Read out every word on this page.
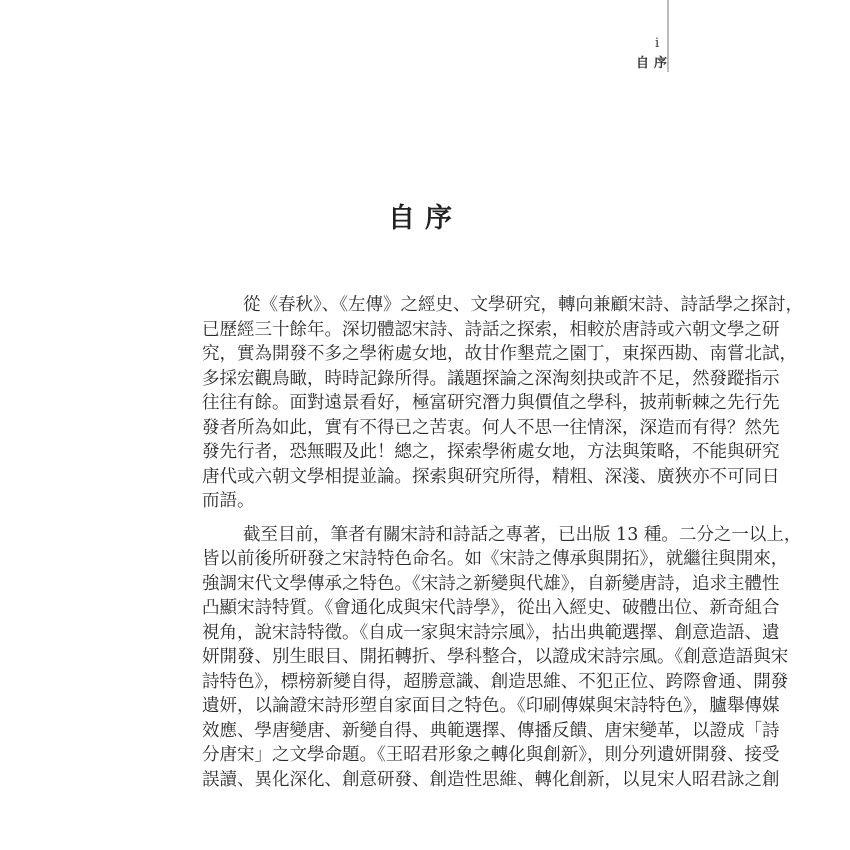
i
自序
自序
從《春秋》、《左傳》之經史、文學研究，轉向兼顧宋詩、詩話學之探討，
已歷經三十餘年。深切體認宋詩、詩話之探索，相較於唐詩或六朝文學之研
究，實為開發不多之學術處女地，故甘作墾荒之園丁，東探西勘、南嘗北試，
多採宏觀鳥瞰，時時記錄所得。議題探論之深淘刻抉或許不足，然發蹤指示
往往有餘。面對遠景看好，極富研究潛力與價值之學科，披荊斬棘之先行先
發者所為如此，實有不得已之苦衷。何人不思一往情深，深造而有得？然先
發先行者，恐無暇及此！總之，探索學術處女地，方法與策略，不能與研究
唐代或六朝文學相提並論。探索與研究所得，精粗、深淺、廣狹亦不可同日
而語。
截至目前，筆者有關宋詩和詩話之專著，已出版 13 種。二分之一以上，
皆以前後所研發之宋詩特色命名。如《宋詩之傳承與開拓》，就繼往與開來，
強調宋代文學傳承之特色。《宋詩之新變與代雄》，自新變唐詩，追求主體性
凸顯宋詩特質。《會通化成與宋代詩學》，從出入經史、破體出位、新奇組合
視角，說宋詩特徵。《自成一家與宋詩宗風》，拈出典範選擇、創意造語、遺
妍開發、別生眼目、開拓轉折、學科整合，以證成宋詩宗風。《創意造語與宋
詩特色》，標榜新變自得，超勝意識、創造思維、不犯正位、跨際會通、開發
遺妍，以論證宋詩形塑自家面目之特色。《印刷傳媒與宋詩特色》，臚舉傳媒
效應、學唐變唐、新變自得、典範選擇、傳播反饋、唐宋變革，以證成「詩
分唐宋」之文學命題。《王昭君形象之轉化與創新》，則分列遺妍開發、接受
誤讀、異化深化、創意研發、創造性思維、轉化創新，以見宋人昭君詠之創
